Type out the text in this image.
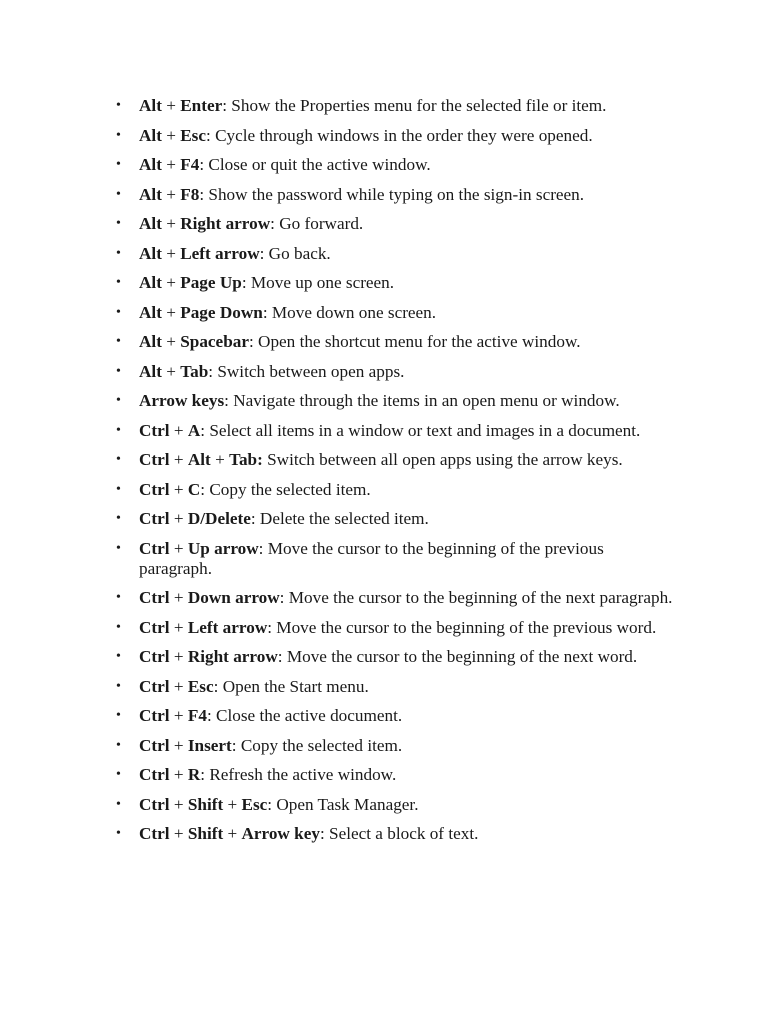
• Alt + Enter: Show the Properties menu for the selected file or item.
• Alt + Esc: Cycle through windows in the order they were opened.
• Alt + F4: Close or quit the active window.
• Alt + F8: Show the password while typing on the sign-in screen.
• Alt + Right arrow: Go forward.
• Alt + Left arrow: Go back.
• Alt + Page Up: Move up one screen.
• Alt + Page Down: Move down one screen.
• Alt + Spacebar: Open the shortcut menu for the active window.
• Alt + Tab: Switch between open apps.
• Arrow keys: Navigate through the items in an open menu or window.
• Ctrl + A: Select all items in a window or text and images in a document.
• Ctrl + Alt + Tab: Switch between all open apps using the arrow keys.
• Ctrl + C: Copy the selected item.
• Ctrl + D/Delete: Delete the selected item.
• Ctrl + Up arrow: Move the cursor to the beginning of the previous paragraph.
• Ctrl + Down arrow: Move the cursor to the beginning of the next paragraph.
• Ctrl + Left arrow: Move the cursor to the beginning of the previous word.
• Ctrl + Right arrow: Move the cursor to the beginning of the next word.
• Ctrl + Esc: Open the Start menu.
• Ctrl + F4: Close the active document.
• Ctrl + Insert: Copy the selected item.
• Ctrl + R: Refresh the active window.
• Ctrl + Shift + Esc: Open Task Manager.
• Ctrl + Shift + Arrow key: Select a block of text.
